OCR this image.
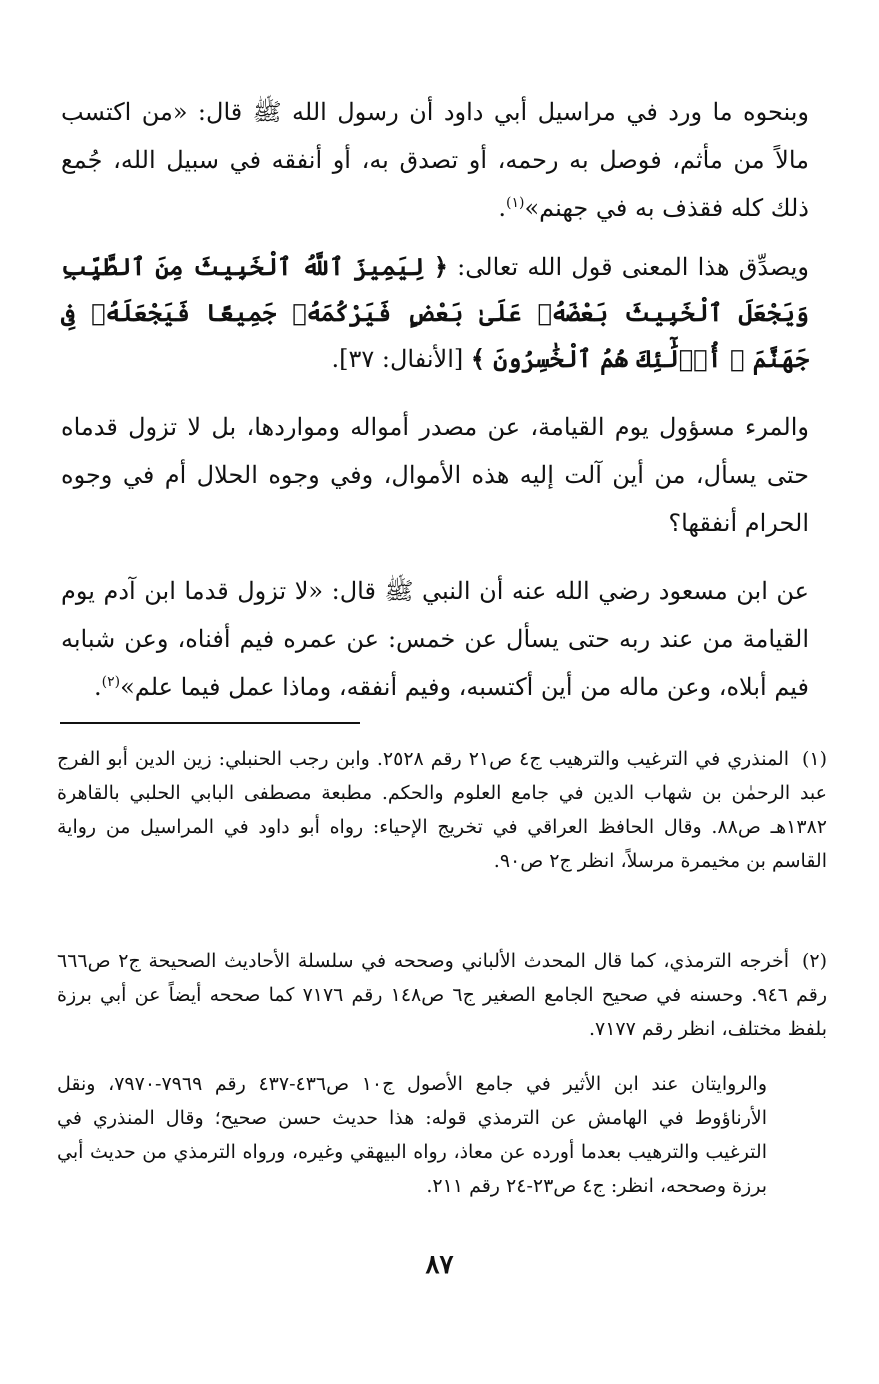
وبنحوه ما ورد في مراسيل أبي داود أن رسول الله ﷺ قال: «من اكتسب مالاً من مأثم، فوصل به رحمه، أو تصدق به، أو أنفقه في سبيل الله، جُمع ذلك كله فقذف به في جهنم»$^{(١)}$.

ويصدِّق هذا المعنى قول الله تعالى: ﴿ لِيَمِيزَ ٱللَّهُ ٱلْخَبِيثَ مِنَ ٱلطَّيِّبِ وَيَجْعَلَ ٱلْخَبِيثَ بَعْضَهُۥ عَلَىٰ بَعْضٍ فَيَرْكُمَهُۥ جَمِيعًا فَيَجْعَلَهُۥ فِى جَهَنَّمَ ۚ أُو۟لَٰٓئِكَ هُمُ ٱلْخَٰسِرُونَ ﴾ [الأنفال: ٣٧].

والمرء مسؤول يوم القيامة، عن مصدر أمواله ومواردها، بل لا تزول قدماه حتى يسأل، من أين آلت إليه هذه الأموال، وفي وجوه الحلال أم في وجوه الحرام أنفقها؟

عن ابن مسعود رضي الله عنه أن النبي ﷺ قال: «لا تزول قدما ابن آدم يوم القيامة من عند ربه حتى يسأل عن خمس: عن عمره فيم أفناه، وعن شبابه فيم أبلاه، وعن ماله من أين أكتسبه، وفيم أنفقه، وماذا عمل فيما علم»$^{(٢)}$.

(١)المنذري في الترغيب والترهيب ج٤ ص٢١ رقم ٢٥٢٨. وابن رجب الحنبلي: زين الدين أبو الفرج عبد الرحمٰن بن شهاب الدين في جامع العلوم والحكم. مطبعة مصطفى البابي الحلبي بالقاهرة ١٣٨٢هـ ص٨٨. وقال الحافظ العراقي في تخريج الإحياء: رواه أبو داود في المراسيل من رواية القاسم بن مخيمرة مرسلاً، انظر ج٢ ص٩٠.

(٢)أخرجه الترمذي، كما قال المحدث الألباني وصححه في سلسلة الأحاديث الصحيحة ج٢ ص٦٦٦ رقم ٩٤٦. وحسنه في صحيح الجامع الصغير ج٦ ص١٤٨ رقم ٧١٧٦ كما صححه أيضاً عن أبي برزة بلفظ مختلف، انظر رقم ٧١٧٧.

والروايتان عند ابن الأثير في جامع الأصول ج١٠ ص٤٣٦-٤٣٧ رقم ٧٩٦٩-٧٩٧٠، ونقل الأرناؤوط في الهامش عن الترمذي قوله: هذا حديث حسن صحيح؛ وقال المنذري في الترغيب والترهيب بعدما أورده عن معاذ، رواه البيهقي وغيره، ورواه الترمذي من حديث أبي برزة وصححه، انظر: ج٤ ص٢٣-٢٤ رقم ٢١١.

٨٧
